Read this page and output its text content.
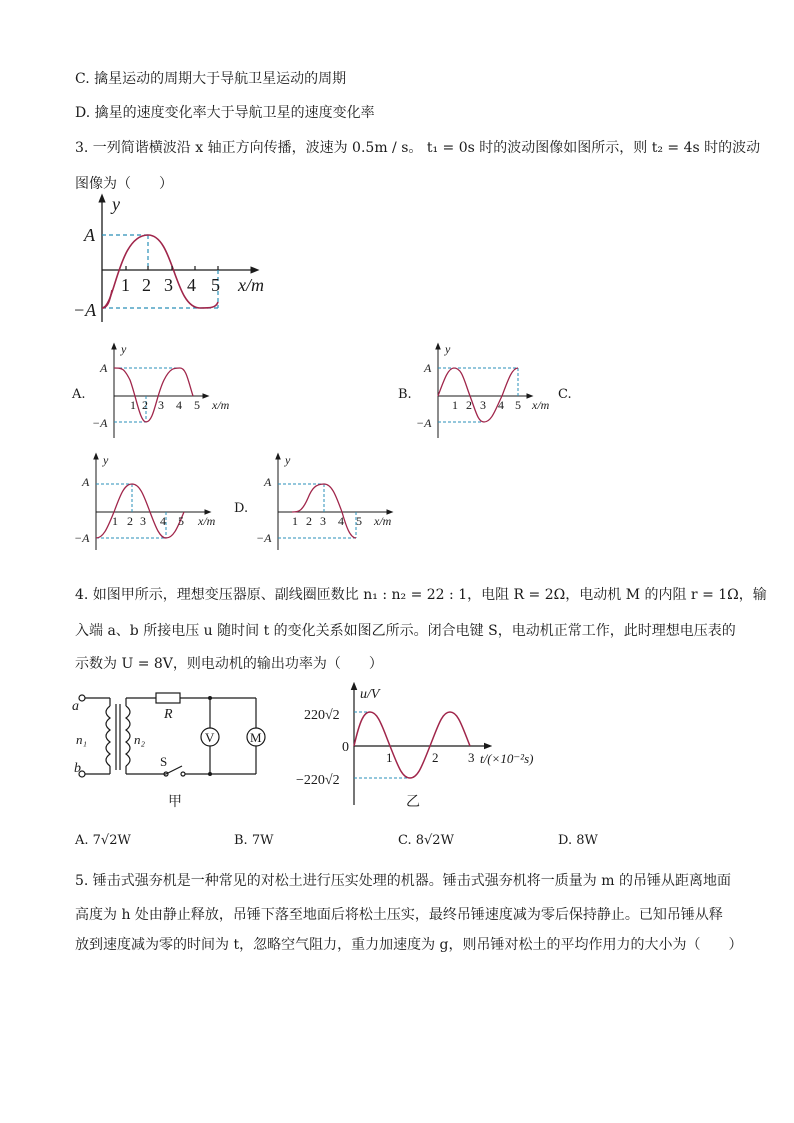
C. 擒星运动的周期大于导航卫星运动的周期
D. 擒星的速度变化率大于导航卫星的速度变化率
3. 一列简谐横波沿 x 轴正方向传播，波速为 0.5m / s。 t₁ = 0s 时的波动图像如图所示，则 t₂ = 4s 时的波动
图像为（　　）
y
A
−A
1 2 3 4 5 x/m
A.
y
A
−A
1 2 3 4 5 x/m
B.
y
A
−A
1 2 3 4 5 x/m
C.
y
A
−A
1 2 3 4 5 x/m
D.
y
A
−A
1 2 3 4 5 x/m
4. 如图甲所示，理想变压器原、副线圈匝数比 n₁ : n₂ = 22 : 1，电阻 R = 2Ω，电动机 M 的内阻 r = 1Ω，输
入端 a、b 所接电压 u 随时间 t 的变化关系如图乙所示。闭合电键 S，电动机正常工作，此时理想电压表的
示数为 U = 8V，则电动机的输出功率为（　　）
a
b
n₁	n₂
R
S
V	M
甲
u/V
220√2
0
−220√2
1	2 3 t/(×10⁻²s)
乙
A. 7√2W	B. 7W	C. 8√2W	D. 8W
5. 锤击式强夯机是一种常见的对松土进行压实处理的机器。锤击式强夯机将一质量为 m 的吊锤从距离地面
高度为 h 处由静止释放，吊锤下落至地面后将松土压实，最终吊锤速度减为零后保持静止。已知吊锤从释
放到速度减为零的时间为 t，忽略空气阻力，重力加速度为 g，则吊锤对松土的平均作用力的大小为（　　）
